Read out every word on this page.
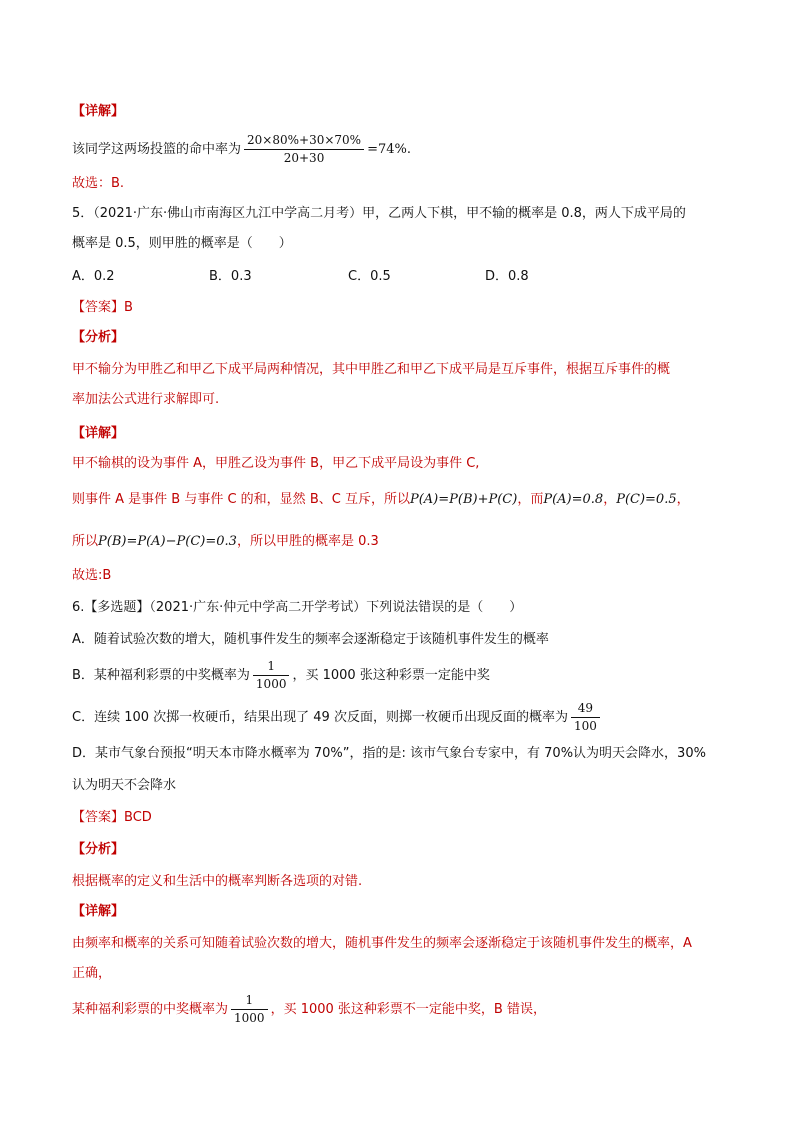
【详解】
该同学这两场投篮的命中率为 $\frac{20\times 80\%+30\times 70\%}{20+30} =74\%$.
故选：B.
5．（2021·广东·佛山市南海区九江中学高二月考）甲，乙两人下棋，甲不输的概率是 0.8，两人下成平局的
概率是 0.5，则甲胜的概率是（　　）
A．0.2	B．0.3	C．0.5	D．0.8
【答案】B
【分析】
甲不输分为甲胜乙和甲乙下成平局两种情况，其中甲胜乙和甲乙下成平局是互斥事件，根据互斥事件的概
率加法公式进行求解即可.
【详解】
甲不输棋的设为事件 A，甲胜乙设为事件 B，甲乙下成平局设为事件 C,
则事件 A 是事件 B 与事件 C 的和，显然 B、C 互斥，所以P(A)=P(B)+P(C)，而P(A)=0.8，P(C)=0.5，
所以P(B)=P(A)−P(C)=0.3，所以甲胜的概率是 0.3
故选:B
6.【多选题】（2021·广东·仲元中学高二开学考试）下列说法错误的是（　　）
A．随着试验次数的增大，随机事件发生的频率会逐渐稳定于该随机事件发生的概率
B．某种福利彩票的中奖概率为 $\frac{1}{1000}$ ，买 1000 张这种彩票一定能中奖
C．连续 100 次掷一枚硬币，结果出现了 49 次反面，则掷一枚硬币出现反面的概率为 $\frac{49}{100}$
D．某市气象台预报“明天本市降水概率为 70%”，指的是: 该市气象台专家中，有 70%认为明天会降水，30%
认为明天不会降水
【答案】BCD
【分析】
根据概率的定义和生活中的概率判断各选项的对错.
【详解】
由频率和概率的关系可知随着试验次数的增大，随机事件发生的频率会逐渐稳定于该随机事件发生的概率，A
正确，
某种福利彩票的中奖概率为 $\frac{1}{1000}$ ，买 1000 张这种彩票不一定能中奖，B 错误，
